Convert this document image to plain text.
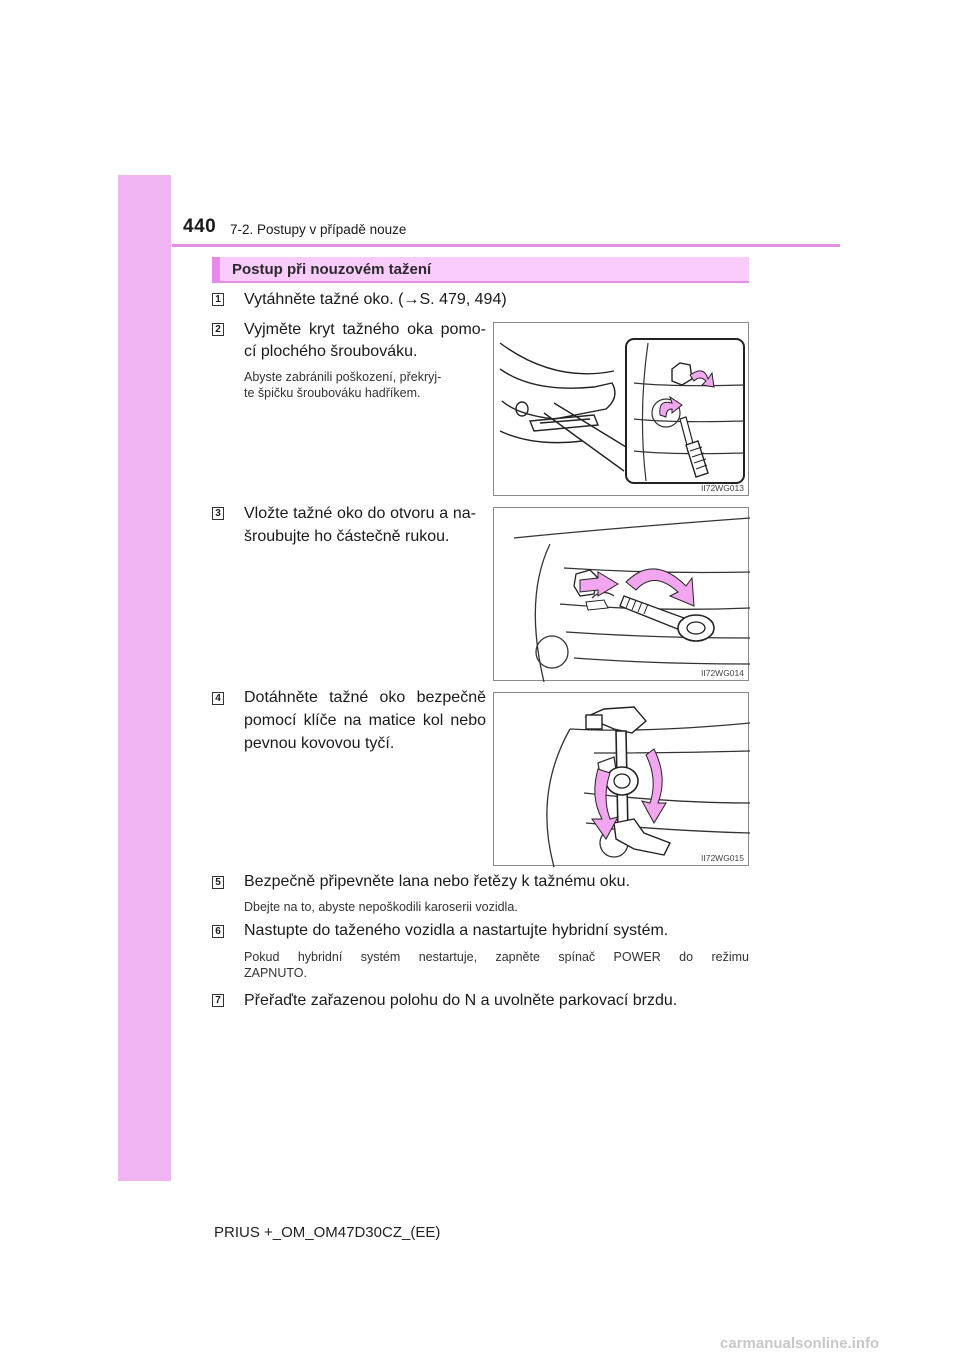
440 7-2. Postupy v případě nouze
Postup při nouzovém tažení
1 Vytáhněte tažné oko. (→S. 479, 494)
2 Vyjměte kryt tažného oka pomo-
cí plochého šroubováku.
Abyste zabránili poškození, překryj-
te špičku šroubováku hadříkem.
II72WG013
3 Vložte tažné oko do otvoru a na-
šroubujte ho částečně rukou.
II72WG014
4 Dotáhněte tažné oko bezpečně
pomocí klíče na matice kol nebo
pevnou kovovou tyčí.
II72WG015
5 Bezpečně připevněte lana nebo řetězy k tažnému oku.
Dbejte na to, abyste nepoškodili karoserii vozidla.
6 Nastupte do taženého vozidla a nastartujte hybridní systém.
Pokud hybridní systém nestartuje, zapněte spínač POWER do režimu
ZAPNUTO.
7 Přeřaďte zařazenou polohu do N a uvolněte parkovací brzdu.
PRIUS +_OM_OM47D30CZ_(EE)
carmanualsonline.info
